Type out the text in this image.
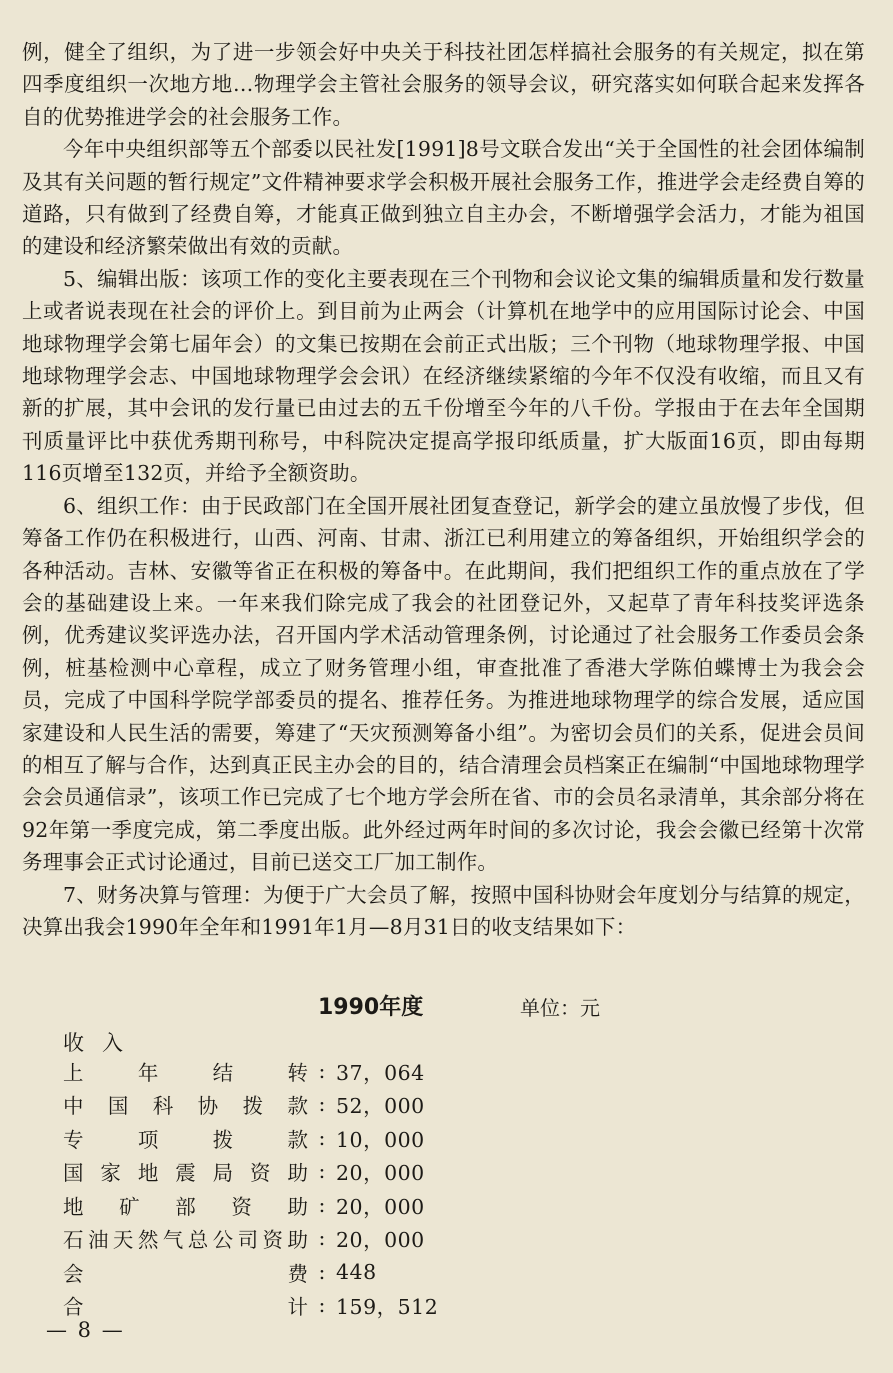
例，健全了组织，为了进一步领会好中央关于科技社团怎样搞社会服务的有关规定，拟在第四季度组织一次地方地…物理学会主管社会服务的领导会议，研究落实如何联合起来发挥各自的优势推进学会的社会服务工作。

今年中央组织部等五个部委以民社发[1991]8号文联合发出“关于全国性的社会团体编制及其有关问题的暂行规定”文件精神要求学会积极开展社会服务工作，推进学会走经费自筹的道路，只有做到了经费自筹，才能真正做到独立自主办会，不断增强学会活力，才能为祖国的建设和经济繁荣做出有效的贡献。

5、编辑出版：该项工作的变化主要表现在三个刊物和会议论文集的编辑质量和发行数量上或者说表现在社会的评价上。到目前为止两会（计算机在地学中的应用国际讨论会、中国地球物理学会第七届年会）的文集已按期在会前正式出版；三个刊物（地球物理学报、中国地球物理学会志、中国地球物理学会会讯）在经济继续紧缩的今年不仅没有收缩，而且又有新的扩展，其中会讯的发行量已由过去的五千份增至今年的八千份。学报由于在去年全国期刊质量评比中获优秀期刊称号，中科院决定提高学报印纸质量，扩大版面16页，即由每期116页增至132页，并给予全额资助。

6、组织工作：由于民政部门在全国开展社团复查登记，新学会的建立虽放慢了步伐，但筹备工作仍在积极进行，山西、河南、甘肃、浙江已利用建立的筹备组织，开始组织学会的各种活动。吉林、安徽等省正在积极的筹备中。在此期间，我们把组织工作的重点放在了学会的基础建设上来。一年来我们除完成了我会的社团登记外，又起草了青年科技奖评选条例，优秀建议奖评选办法，召开国内学术活动管理条例，讨论通过了社会服务工作委员会条例，桩基检测中心章程，成立了财务管理小组，审查批准了香港大学陈伯蝶博士为我会会员，完成了中国科学院学部委员的提名、推荐任务。为推进地球物理学的综合发展，适应国家建设和人民生活的需要，筹建了“天灾预测筹备小组”。为密切会员们的关系，促进会员间的相互了解与合作，达到真正民主办会的目的，结合清理会员档案正在编制“中国地球物理学会会员通信录”，该项工作已完成了七个地方学会所在省、市的会员名录清单，其余部分将在92年第一季度完成，第二季度出版。此外经过两年时间的多次讨论，我会会徽已经第十次常务理事会正式讨论通过，目前已送交工厂加工制作。

7、财务决算与管理：为便于广大会员了解，按照中国科协财会年度划分与结算的规定，决算出我会1990年全年和1991年1月—8月31日的收支结果如下：

1990年度	单位：元
收入
上	年	结	转 : 37，064
中 国 科 协 拨 款 : 52，000
专	项	拨	款 : 10，000
国 家 地 震 局 资 助 : 20，000
地 矿 部 资 助 : 20，000
石 油 天 然 气 总 公 司 资 助 : 20，000
会	费 : 448
合	计 : 159，512
— 8 —
